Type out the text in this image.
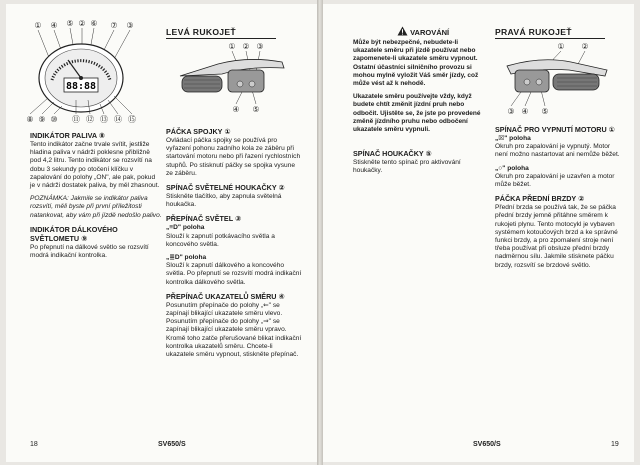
① ④ ⑤ ② ⑥ ⑦ ③
88:88
⑧ ⑨ ⑩ ⑪ ⑫ ⑬ ⑭ ⑮
INDIKÁTOR PALIVA ⑧

Tento indikátor začne trvale svítit, jestliže hladina paliva v nádrži poklesne přibližně pod 4,2 litru. Tento indikátor se rozsvítí na dobu 3 sekundy po otočení klíčku v zapalování do polohy „ON", ale pak, pokud je v nádrži dostatek paliva, by měl zhasnout.

POZNÁMKA: Jakmile se indikátor paliva rozsvítí, měli byste při první příležitosti natankovat, aby vám při jízdě nedošlo palivo.

INDIKÁTOR DÁLKOVÉHO SVĚTLOMETU ⑨

Po přepnutí na dálkové světlo se rozsvítí modrá indikační kontrolka.

LEVÁ RUKOJEŤ
① ② ③
④ ⑤
PÁČKA SPOJKY ①

Ovládací páčka spojky se používá pro vyřazení pohonu zadního kola ze záběru při startování motoru nebo při řazení rychlostních stupňů. Po stisknutí páčky se spojka vysune ze záběru.

SPÍNAČ SVĚTELNÉ HOUKAČKY ②

Stiskněte tlačítko, aby zapnula světelná houkačka.

PŘEPÍNAČ SVĚTEL ③
„≡D" poloha

Slouží k zapnutí potkávacího světla a koncového světla.

„≣D" poloha

Slouží k zapnutí dálkového a koncového světla. Po přepnutí se rozsvítí modrá indikační kontrolka dálkového světla.

PŘEPÍNAČ UKAZATELŮ SMĚRU ④

Posunutím přepínače do polohy „⇐" se zapínají blikající ukazatele směru vlevo. Posunutím přepínače do polohy „⇒" se zapínají blikající ukazatele směru vpravo. Kromě toho zatče přerušované blikat indikační kontrolka ukazatelů směru. Chcete-li ukazatele směru vypnout, stiskněte přepínač.

18	SV650/S
VAROVÁNÍ

Může být nebezpečné, nebudete-li ukazatele směru při jízdě používat nebo zapomenete-li ukazatele směru vypnout. Ostatní účastníci silničního provozu si mohou mylně vyložit Váš směr jízdy, což může vést až k nehodě.

Ukazatele směru používejte vždy, když budete chtít změnit jízdní pruh nebo odbočit. Ujistěte se, že jste po provedené změně jízdního pruhu nebo odbočení ukazatele směru vypnuli.

SPÍNAČ HOUKAČKY ⑤

Stiskněte tento spínač pro aktivování houkačky.

PRAVÁ RUKOJEŤ
① ②
③ ④ ⑤
SPÍNAČ PRO VYPNUTÍ MOTORU ①
„☒" poloha

Okruh pro zapalování je vypnutý. Motor není možno nastartovat ani nemůže běžet.

„○" poloha

Okruh pro zapalování je uzavřen a motor může běžet.

PÁČKA PŘEDNÍ BRZDY ②

Přední brzda se používá tak, že se páčka přední brzdy jemně přitáhne směrem k rukojeti plynu. Tento motocykl je vybaven systémem kotoučových brzd a ke správné funkci brzdy, a pro zpomalení stroje není třeba používat při obsluze přední brzdy nadměrnou sílu. Jakmile stisknete páčku brzdy, rozsvítí se brzdové světlo.

SV650/S	19
